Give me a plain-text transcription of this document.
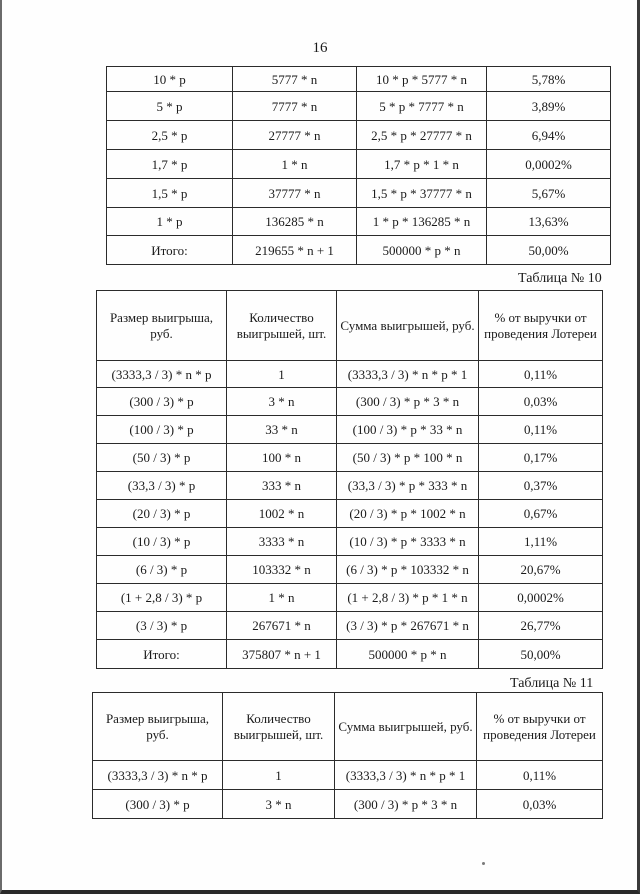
16
10 * p	5777 * n	10 * p * 5777 * n	5,78%
5 * p	7777 * n	5 * p * 7777 * n	3,89%
2,5 * p	27777 * n	2,5 * p * 27777 * n	6,94%
1,7 * p	1 * n	1,7 * p * 1 * n	0,0002%
1,5 * p	37777 * n	1,5 * p * 37777 * n	5,67%
1 * p	136285 * n	1 * p * 136285 * n	13,63%
Итого:	219655 * n + 1	500000 * p * n	50,00%
Таблица № 10
Размер выигрыша, руб.	Количество выигрышей, шт.	Сумма выигрышей, руб.	% от выручки от проведения Лотереи
(3333,3 / 3) * n * p	1	(3333,3 / 3) * n * p * 1	0,11%
(300 / 3) * p	3 * n	(300 / 3) * p * 3 * n	0,03%
(100 / 3) * p	33 * n	(100 / 3) * p * 33 * n	0,11%
(50 / 3) * p	100 * n	(50 / 3) * p * 100 * n	0,17%
(33,3 / 3) * p	333 * n	(33,3 / 3) * p * 333 * n	0,37%
(20 / 3) * p	1002 * n	(20 / 3) * p * 1002 * n	0,67%
(10 / 3) * p	3333 * n	(10 / 3) * p * 3333 * n	1,11%
(6 / 3) * p	103332 * n	(6 / 3) * p * 103332 * n	20,67%
(1 + 2,8 / 3) * p	1 * n	(1 + 2,8 / 3) * p * 1 * n	0,0002%
(3 / 3) * p	267671 * n	(3 / 3) * p * 267671 * n	26,77%
Итого:	375807 * n + 1	500000 * p * n	50,00%
Таблица № 11
Размер выигрыша, руб.	Количество выигрышей, шт.	Сумма выигрышей, руб.	% от выручки от проведения Лотереи
(3333,3 / 3) * n * p	1	(3333,3 / 3) * n * p * 1	0,11%
(300 / 3) * p	3 * n	(300 / 3) * p * 3 * n	0,03%
